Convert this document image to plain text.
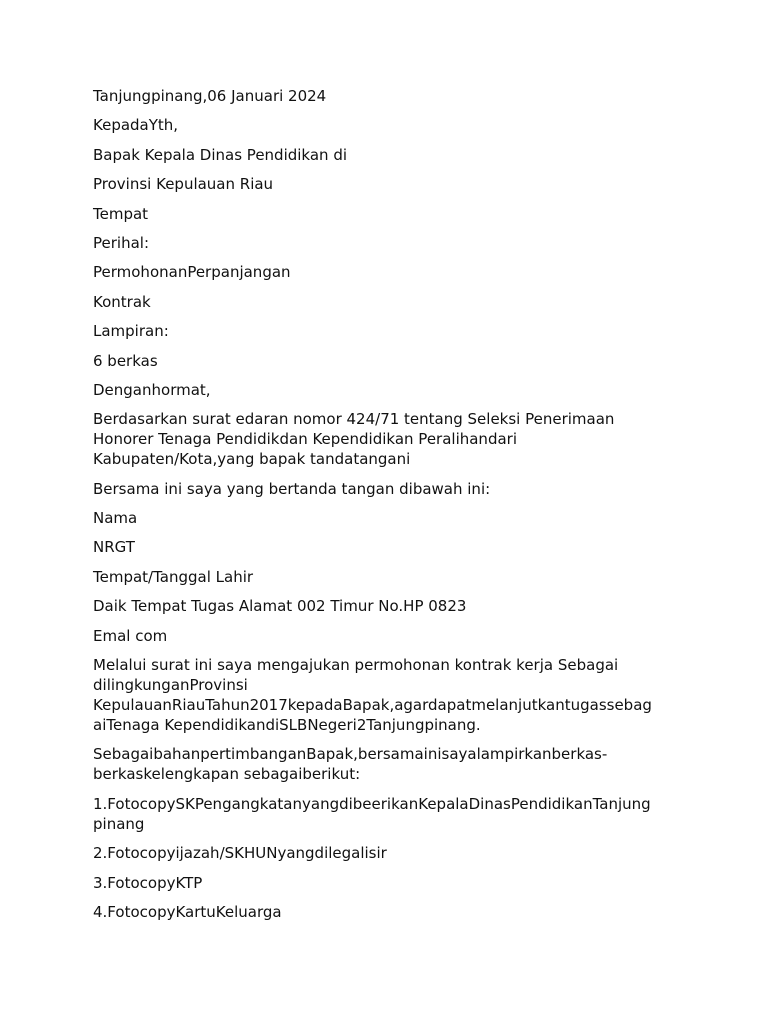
Tanjungpinang,06 Januari 2024

KepadaYth,

Bapak Kepala Dinas Pendidikan di

Provinsi Kepulauan Riau

Tempat

Perihal:

PermohonanPerpanjangan

Kontrak

Lampiran:

6 berkas

Denganhormat,

Berdasarkan surat edaran nomor 424/71 tentang Seleksi Penerimaan
Honorer Tenaga Pendidikdan Kependidikan Peralihandari
Kabupaten/Kota,yang bapak tandatangani

Bersama ini saya yang bertanda tangan dibawah ini:

Nama

NRGT

Tempat/Tanggal Lahir

Daik Tempat Tugas Alamat 002 Timur No.HP 0823

Emal com

Melalui surat ini saya mengajukan permohonan kontrak kerja Sebagai
dilingkunganProvinsi
KepulauanRiauTahun2017kepadaBapak,agardapatmelanjutkantugassebag
aiTenaga KependidikandiSLBNegeri2Tanjungpinang.

SebagaibahanpertimbanganBapak,bersamainisayalampirkanberkas-
berkaskelengkapan sebagaiberikut:

1.FotocopySKPengangkatanyangdibeerikanKepalaDinasPendidikanTanjung
pinang

2.Fotocopyijazah/SKHUNyangdilegalisir

3.FotocopyKTP

4.FotocopyKartuKeluarga
